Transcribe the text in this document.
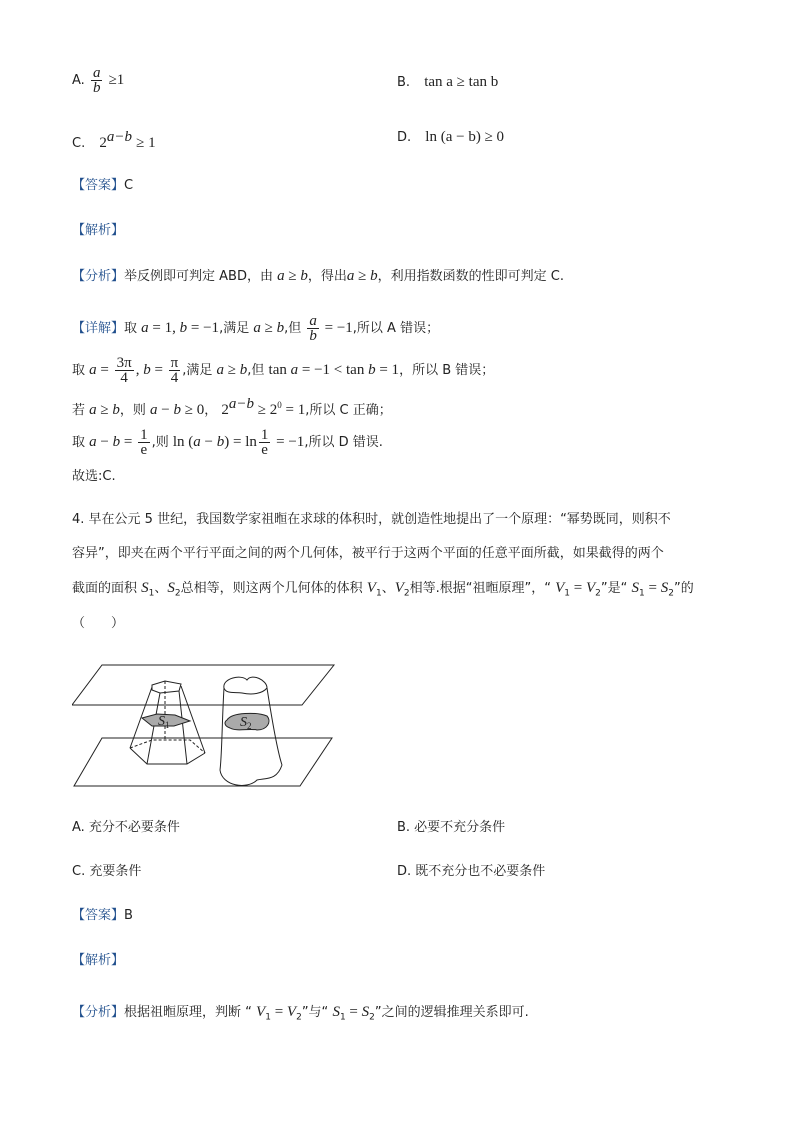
A. $\frac{a}{b} \ge 1$	B. tan a ≥ tan b
C. $2^{a-b} \ge 1$	D. ln (a − b) ≥ 0
【答案】C
【解析】
【分析】举反例即可判定 ABD，由 a ≥ b，得出a ≥ b，利用指数函数的性即可判定 C.
【详解】取 a = 1, b = −1,满足 a ≥ b,但 $\frac{a}{b} = -1$,所以 A 错误；
取 $a = \frac{3\pi}{4}$ , $b = \frac{\pi}{4}$ ,满足 a ≥ b,但 tan a = −1 < tan b = 1，所以 B 错误；
若 a ≥ b，则 a − b ≥ 0， $2^{a-b} \ge 2^0 = 1$,所以 C 正确；
取 $a - b = \frac{1}{e}$ ,则 $\ln (a - b) = \ln \frac{1}{e} = -1$,所以 D 错误.
故选:C.
4. 早在公元 5 世纪，我国数学家祖暅在求球的体积时，就创造性地提出了一个原理：“幂势既同，则积不
容异”，即夹在两个平行平面之间的两个几何体，被平行于这两个平面的任意平面所截，如果截得的两个
截面的面积 $S_1$、$S_2$总相等，则这两个几何体的体积 $V_1$、$V_2$相等.根据“祖暅原理”，“ $V_1 = V_2$”是“ $S_1 = S_2$”的
（　　）
$S_1$	$S_2$
A. 充分不必要条件	B. 必要不充分条件
C. 充要条件	D. 既不充分也不必要条件
【答案】B
【解析】
【分析】根据祖暅原理，判断 “ $V_1 = V_2$”与“ $S_1 = S_2$”之间的逻辑推理关系即可.
